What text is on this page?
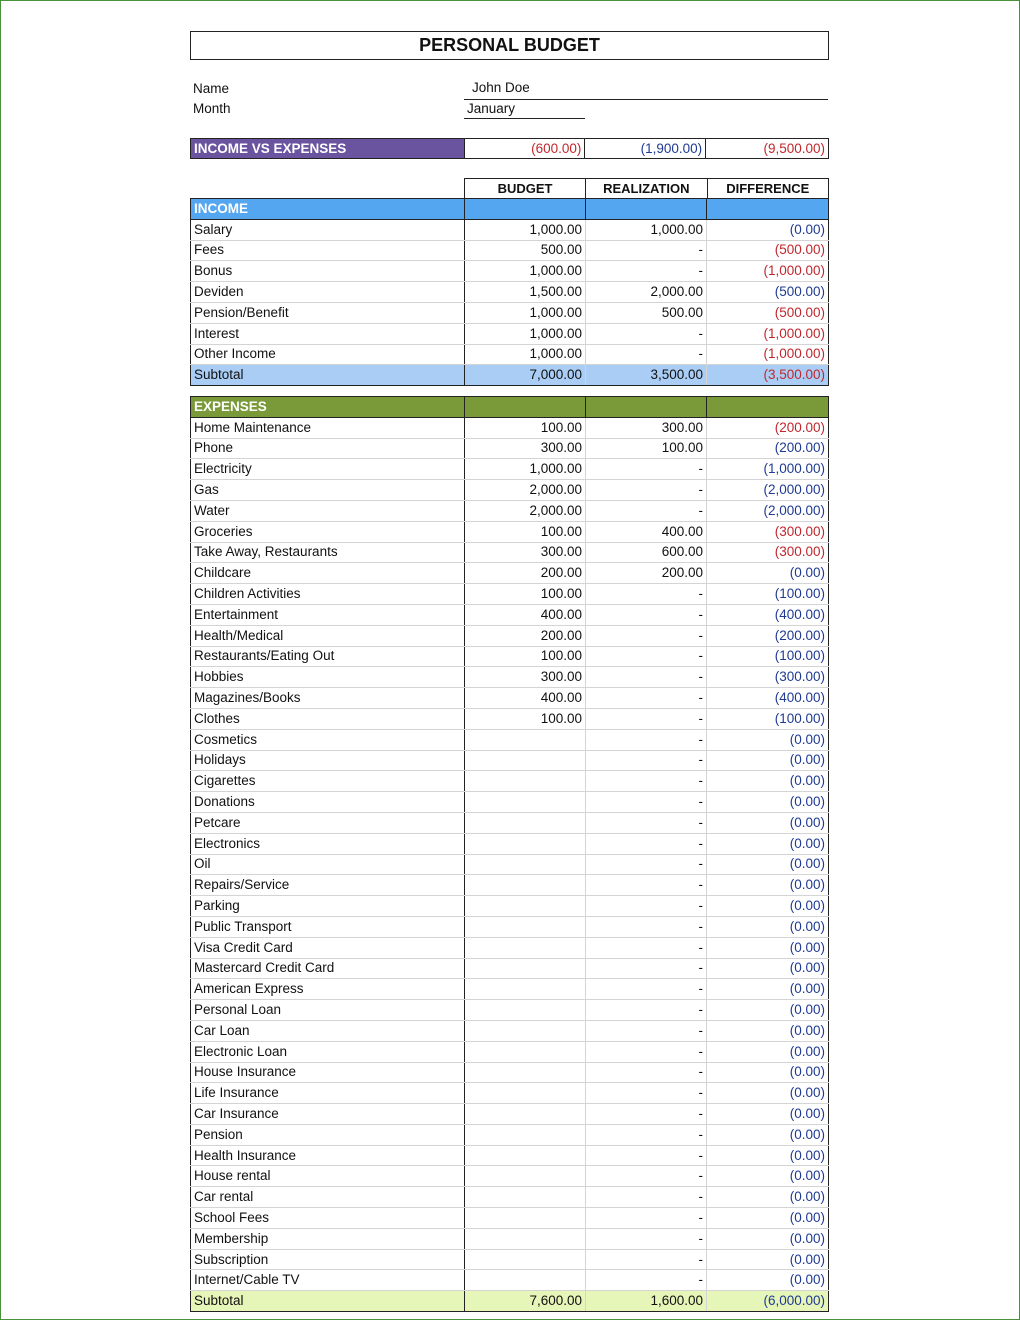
PERSONAL BUDGET
Name	John Doe
Month	January
INCOME VS EXPENSES	(600.00)	(1,900.00)	(9,500.00)
BUDGET	REALIZATION	DIFFERENCE
INCOME			
Salary	1,000.00	1,000.00	(0.00)
Fees	500.00	-	(500.00)
Bonus	1,000.00	-	(1,000.00)
Deviden	1,500.00	2,000.00	(500.00)
Pension/Benefit	1,000.00	500.00	(500.00)
Interest	1,000.00	-	(1,000.00)
Other Income	1,000.00	-	(1,000.00)
Subtotal	7,000.00	3,500.00	(3,500.00)
EXPENSES			
Home Maintenance	100.00	300.00	(200.00)
Phone	300.00	100.00	(200.00)
Electricity	1,000.00	-	(1,000.00)
Gas	2,000.00	-	(2,000.00)
Water	2,000.00	-	(2,000.00)
Groceries	100.00	400.00	(300.00)
Take Away, Restaurants	300.00	600.00	(300.00)
Childcare	200.00	200.00	(0.00)
Children Activities	100.00	-	(100.00)
Entertainment	400.00	-	(400.00)
Health/Medical	200.00	-	(200.00)
Restaurants/Eating Out	100.00	-	(100.00)
Hobbies	300.00	-	(300.00)
Magazines/Books	400.00	-	(400.00)
Clothes	100.00	-	(100.00)
Cosmetics		-	(0.00)
Holidays		-	(0.00)
Cigarettes		-	(0.00)
Donations		-	(0.00)
Petcare		-	(0.00)
Electronics		-	(0.00)
Oil		-	(0.00)
Repairs/Service		-	(0.00)
Parking		-	(0.00)
Public Transport		-	(0.00)
Visa Credit Card		-	(0.00)
Mastercard Credit Card		-	(0.00)
American Express		-	(0.00)
Personal Loan		-	(0.00)
Car Loan		-	(0.00)
Electronic Loan		-	(0.00)
House Insurance		-	(0.00)
Life Insurance		-	(0.00)
Car Insurance		-	(0.00)
Pension		-	(0.00)
Health Insurance		-	(0.00)
House rental		-	(0.00)
Car rental		-	(0.00)
School Fees		-	(0.00)
Membership		-	(0.00)
Subscription		-	(0.00)
Internet/Cable TV		-	(0.00)
Subtotal	7,600.00	1,600.00	(6,000.00)
